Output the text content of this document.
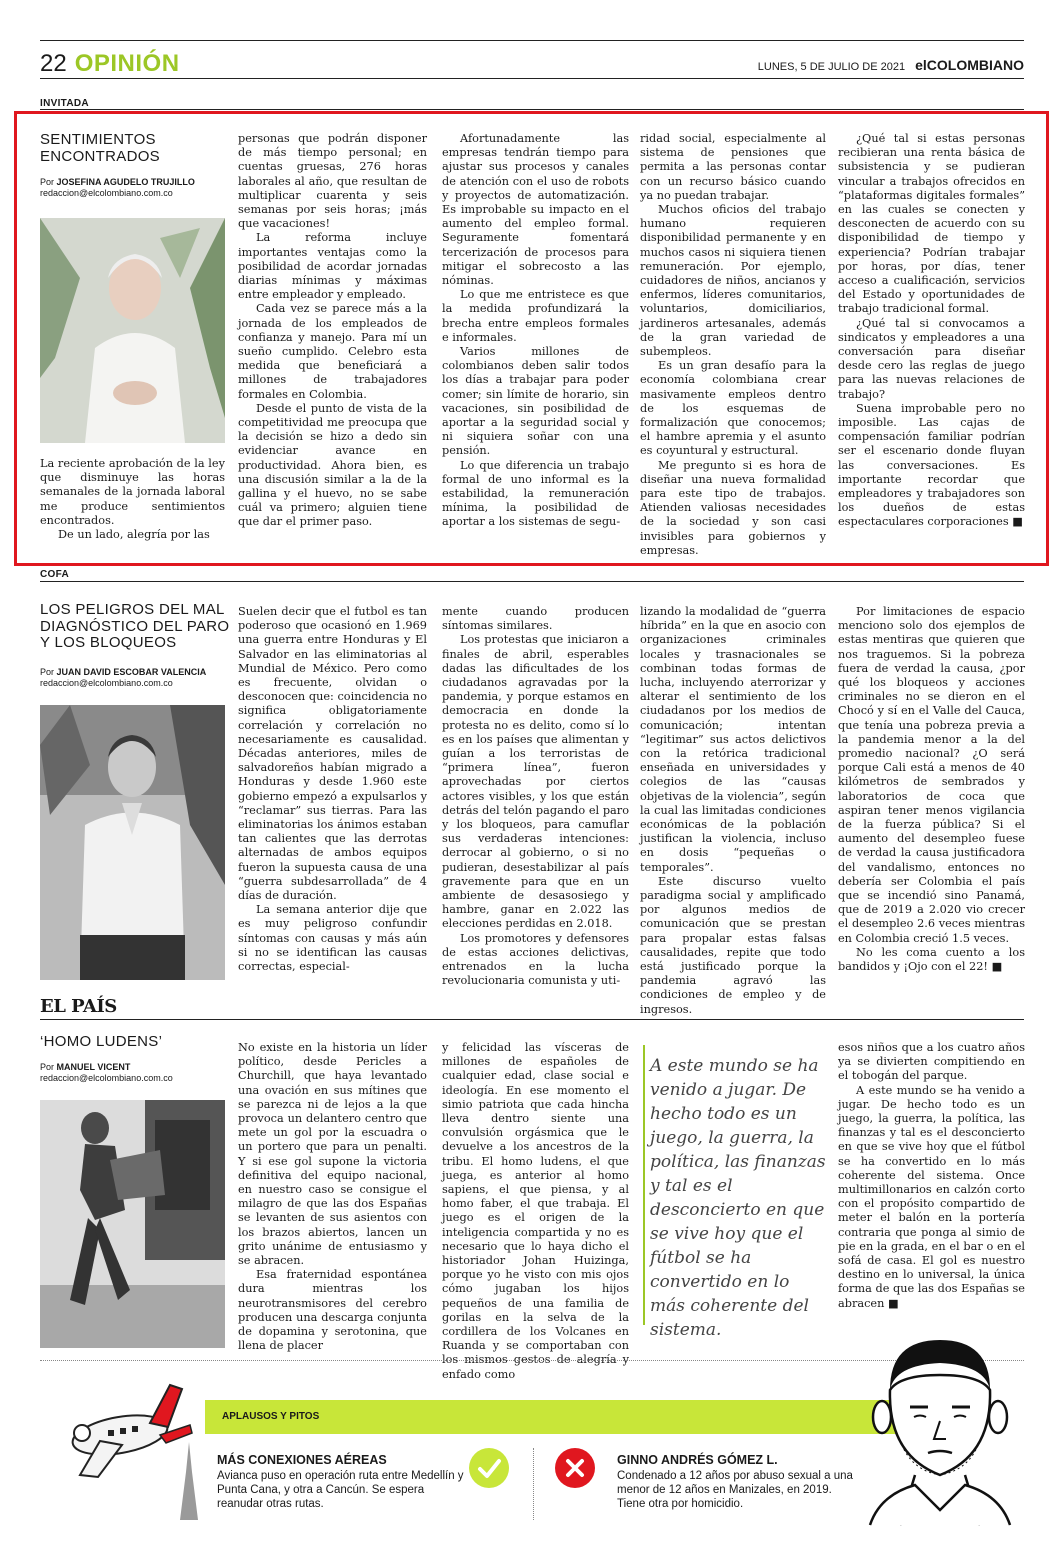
22 OPINIÓN	LUNES, 5 DE JULIO DE 2021 elCOLOMBIANO
INVITADA
SENTIMIENTOS ENCONTRADOS
Por JOSEFINA AGUDELO TRUJILLO
redaccion@elcolombiano.com.co

La reciente aprobación de la ley que disminuye las horas semanales de la jornada laboral me produce sentimientos encontrados.

De un lado, alegría por las

personas que podrán disponer de más tiempo personal; en cuentas gruesas, 276 horas laborales al año, que resultan de multiplicar cuarenta y seis semanas por seis horas; ¡más que vacaciones!

La reforma incluye importantes ventajas como la posibilidad de acordar jornadas diarias mínimas y máximas entre empleador y empleado.

Cada vez se parece más a la jornada de los empleados de confianza y manejo. Para mí un sueño cumplido. Celebro esta medida que beneficiará a millones de trabajadores formales en Colombia.

Desde el punto de vista de la competitividad me preocupa que la decisión se hizo a dedo sin evidenciar avance en productividad. Ahora bien, es una discusión similar a la de la gallina y el huevo, no se sabe cuál va primero; alguien tiene que dar el primer paso.

Afortunadamente las empresas tendrán tiempo para ajustar sus procesos y canales de atención con el uso de robots y proyectos de automatización. Es improbable su impacto en el aumento del empleo formal. Seguramente fomentará tercerización de procesos para mitigar el sobrecosto a las nóminas.

Lo que me entristece es que la medida profundizará la brecha entre empleos formales e informales.

Varios millones de colombianos deben salir todos los días a trabajar para poder comer; sin límite de horario, sin vacaciones, sin posibilidad de aportar a la seguridad social y ni siquiera soñar con una pensión.

Lo que diferencia un trabajo formal de uno informal es la estabilidad, la remuneración mínima, la posibilidad de aportar a los sistemas de segu-

ridad social, especialmente al sistema de pensiones que permita a las personas contar con un recurso básico cuando ya no puedan trabajar.

Muchos oficios del trabajo humano requieren disponibilidad permanente y en muchos casos ni siquiera tienen remuneración. Por ejemplo, cuidadores de niños, ancianos y enfermos, líderes comunitarios, voluntarios, domiciliarios, jardineros artesanales, además de la gran variedad de subempleos.

Es un gran desafío para la economía colombiana crear masivamente empleos dentro de los esquemas de formalización que conocemos; el hambre apremia y el asunto es coyuntural y estructural.

Me pregunto si es hora de diseñar una nueva formalidad para este tipo de trabajos. Atienden valiosas necesidades de la sociedad y son casi invisibles para gobiernos y empresas.

¿Qué tal si estas personas recibieran una renta básica de subsistencia y se pudieran vincular a trabajos ofrecidos en “plataformas digitales formales” en las cuales se conecten y desconecten de acuerdo con su disponibilidad de tiempo y experiencia? Podrían trabajar por horas, por días, tener acceso a cualificación, servicios del Estado y oportunidades de trabajo tradicional formal.

¿Qué tal si convocamos a sindicatos y empleadores a una conversación para diseñar desde cero las reglas de juego para las nuevas relaciones de trabajo?

Suena improbable pero no imposible. Las cajas de compensación familiar podrían ser el escenario donde fluyan las conversaciones. Es importante recordar que empleadores y trabajadores son los dueños de estas espectaculares corporaciones ■

COFA
LOS PELIGROS DEL MAL DIAGNÓSTICO DEL PARO Y LOS BLOQUEOS
Por JUAN DAVID ESCOBAR VALENCIA
redaccion@elcolombiano.com.co

Suelen decir que el futbol es tan poderoso que ocasionó en 1.969 una guerra entre Honduras y El Salvador en las eliminatorias al Mundial de México. Pero como es frecuente, olvidan o desconocen que: coincidencia no significa obligatoriamente correlación y correlación no necesariamente es causalidad. Décadas anteriores, miles de salvadoreños habían migrado a Honduras y desde 1.960 este gobierno empezó a expulsarlos y “reclamar” sus tierras. Para las eliminatorias los ánimos estaban tan calientes que las derrotas alternadas de ambos equipos fueron la supuesta causa de una “guerra subdesarrollada” de 4 días de duración.

La semana anterior dije que es muy peligroso confundir síntomas con causas y más aún si no se identifican las causas correctas, especial-

mente cuando producen síntomas similares.

Los protestas que iniciaron a finales de abril, esperables dadas las dificultades de los ciudadanos agravadas por la pandemia, y porque estamos en democracia en donde la protesta no es delito, como sí lo es en los países que alimentan y guían a los terroristas de “primera línea”, fueron aprovechadas por ciertos actores visibles, y los que están detrás del telón pagando el paro y los bloqueos, para camuflar sus verdaderas intenciones: derrocar al gobierno, o si no pudieran, desestabilizar al país gravemente para que en un ambiente de desasosiego y hambre, ganar en 2.022 las elecciones perdidas en 2.018.

Los promotores y defensores de estas acciones delictivas, entrenados en la lucha revolucionaria comunista y uti-

lizando la modalidad de “guerra híbrida” en la que en asocio con organizaciones criminales locales y trasnacionales se combinan todas formas de lucha, incluyendo aterrorizar y alterar el sentimiento de los ciudadanos por los medios de comunicación; intentan “legitimar” sus actos delictivos con la retórica tradicional enseñada en universidades y colegios de las “causas objetivas de la violencia”, según la cual las limitadas condiciones económicas de la población justifican la violencia, incluso en dosis “pequeñas o temporales”.

Este discurso vuelto paradigma social y amplificado por algunos medios de comunicación que se prestan para propalar estas falsas causalidades, repite que todo está justificado porque la pandemia agravó las condiciones de empleo y de ingresos.

Por limitaciones de espacio menciono solo dos ejemplos de estas mentiras que quieren que nos traguemos. Si la pobreza fuera de verdad la causa, ¿por qué los bloqueos y acciones criminales no se dieron en el Chocó y sí en el Valle del Cauca, que tenía una pobreza previa a la pandemia menor a la del promedio nacional? ¿O será porque Cali está a menos de 40 kilómetros de sembrados y laboratorios de coca que aspiran tener menos vigilancia de la fuerza pública? Si el aumento del desempleo fuese de verdad la causa justificadora del vandalismo, entonces no debería ser Colombia el país que se incendió sino Panamá, que de 2019 a 2.020 vio crecer el desempleo 2.6 veces mientras en Colombia creció 1.5 veces.

No les coma cuento a los bandidos y ¡Ojo con el 22! ■

EL PAÍS
‘HOMO LUDENS’
Por MANUEL VICENT
redaccion@elcolombiano.com.co

No existe en la historia un líder político, desde Pericles a Churchill, que haya levantado una ovación en sus mítines que se parezca ni de lejos a la que provoca un delantero centro que mete un gol por la escuadra o un portero que para un penalti. Y si ese gol supone la victoria definitiva del equipo nacional, en nuestro caso se consigue el milagro de que las dos Españas se levanten de sus asientos con los brazos abiertos, lancen un grito unánime de entusiasmo y se abracen.

Esa fraternidad espontánea dura mientras los neurotransmisores del cerebro producen una descarga conjunta de dopamina y serotonina, que llena de placer

y felicidad las vísceras de millones de españoles de cualquier edad, clase social e ideología. En ese momento el simio patriota que cada hincha lleva dentro siente una convulsión orgásmica que le devuelve a los ancestros de la tribu. El homo ludens, el que juega, es anterior al homo sapiens, el que piensa, y al homo faber, el que trabaja. El juego es el origen de la inteligencia compartida y no es necesario que lo haya dicho el historiador Johan Huizinga, porque yo he visto con mis ojos cómo jugaban los hijos pequeños de una familia de gorilas en la selva de la cordillera de los Volcanes en Ruanda y se comportaban con los mismos gestos de alegría y enfado como

A este mundo se ha venido a jugar. De hecho todo es un juego, la guerra, la política, las finanzas y tal es el desconcierto en que se vive hoy que el fútbol se ha convertido en lo más coherente del sistema.

esos niños que a los cuatro años ya se divierten compitiendo en el tobogán del parque.

A este mundo se ha venido a jugar. De hecho todo es un juego, la guerra, la política, las finanzas y tal es el desconcierto en que se vive hoy que el fútbol se ha convertido en lo más coherente del sistema. Once multimillonarios en calzón corto con el propósito compartido de meter el balón en la portería contraria que ponga al simio de pie en la grada, en el bar o en el sofá de casa. El gol es nuestro destino en lo universal, la única forma de que las dos Españas se abracen ■

APLAUSOS Y PITOS
MÁS CONEXIONES AÉREAS
Avianca puso en operación ruta entre Medellín y Punta Cana, y otra a Cancún. Se espera reanudar otras rutas.
GINNO ANDRÉS GÓMEZ L.
Condenado a 12 años por abuso sexual a una menor de 12 años en Manizales, en 2019. Tiene otra por homicidio.
